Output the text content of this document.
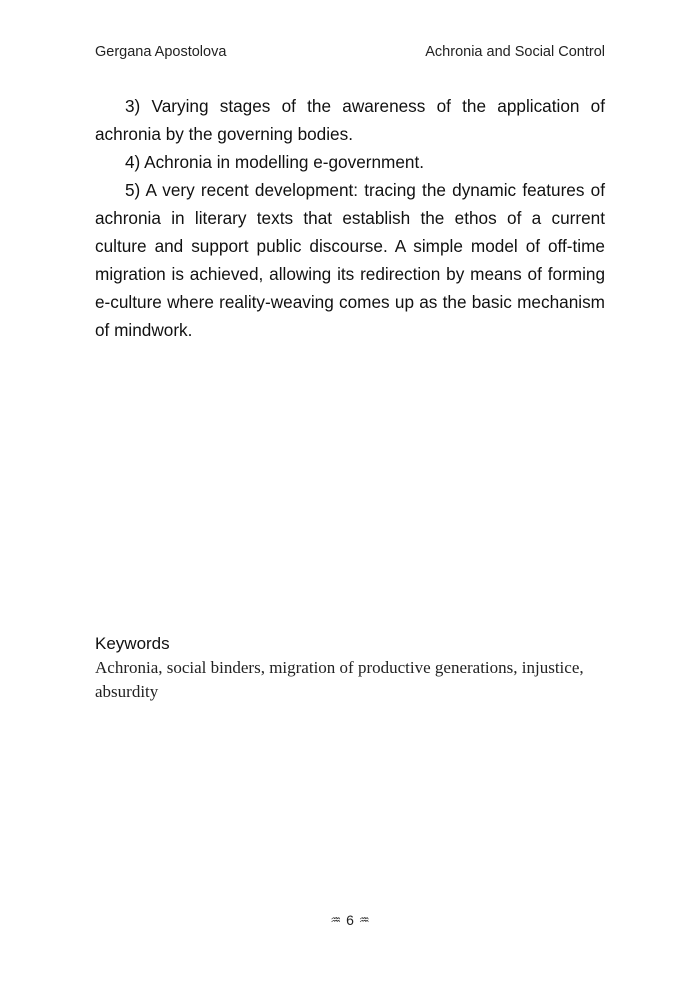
Gergana Apostolova	Achronia and Social Control

3) Varying stages of the awareness of the application of achronia by the governing bodies.

4) Achronia in modelling e-government.

5) A very recent development: tracing the dynamic features of achronia in literary texts that establish the ethos of a current culture and support public discourse. A simple model of off-time migration is achieved, allowing its redirection by means of forming e-culture where reality-weaving comes up as the basic mechanism of mindwork.

Keywords
Achronia, social binders, migration of productive generations, injustice, absurdity
♒ 6 ♒
